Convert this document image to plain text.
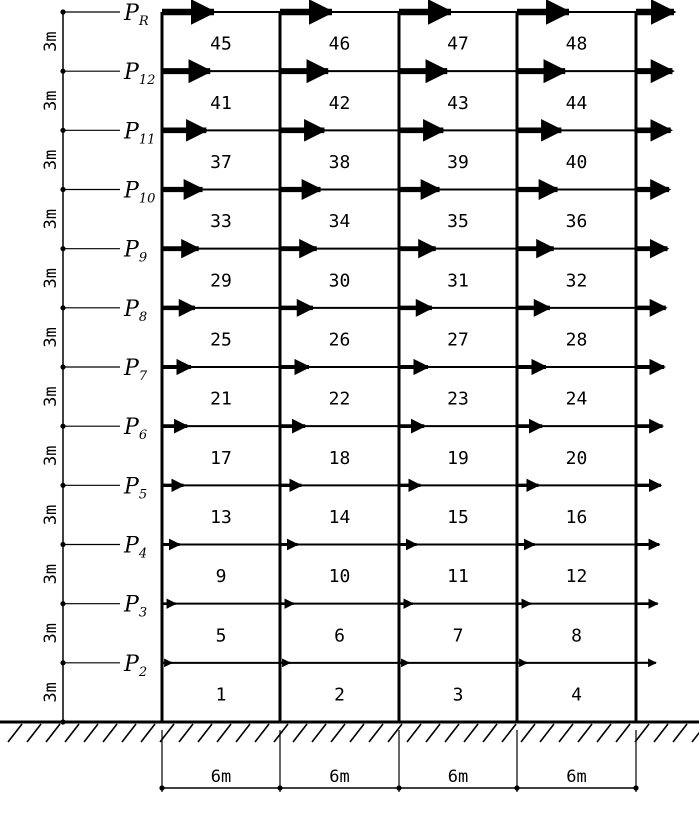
45	46	47	48
41	42	43	44
37	38	39	40
33	34	35	36
29	30	31	32
25	26	27	28
21	22	23	24
17	18	19	20
13	14	15	16
9	10	11	12
5	6	7	8
1	2	3	4
3m
3m
3m
3m
3m
3m
3m
3m
3m
3m
3m
3m
6m	6m	6m	6m
$P_R$
$P_{12}$
$P_{11}$
$P_{10}$
$P_9$
$P_8$
$P_7$
$P_6$
$P_5$
$P_4$
$P_3$
$P_2$
